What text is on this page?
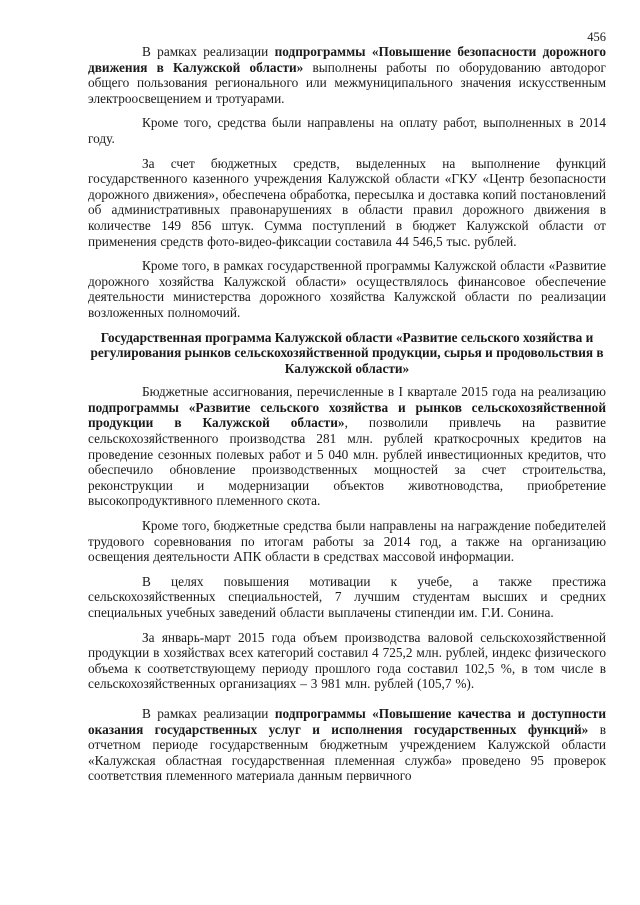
456

В рамках реализации подпрограммы «Повышение безопасности дорожного движения в Калужской области» выполнены работы по оборудованию автодорог общего пользования регионального или межмуниципального значения искусственным электроосвещением и тротуарами.

Кроме того, средства были направлены на оплату работ, выполненных в 2014 году.

За счет бюджетных средств, выделенных на выполнение функций государственного казенного учреждения Калужской области «ГКУ «Центр безопасности дорожного движения», обеспечена обработка, пересылка и доставка копий постановлений об административных правонарушениях в области правил дорожного движения в количестве 149 856 штук. Сумма поступлений в бюджет Калужской области от применения средств фото-видео-фиксации составила 44 546,5 тыс. рублей.

Кроме того, в рамках государственной программы Калужской области «Развитие дорожного хозяйства Калужской области» осуществлялось финансовое обеспечение деятельности министерства дорожного хозяйства Калужской области по реализации возложенных полномочий.

Государственная программа Калужской области «Развитие сельского хозяйства и регулирования рынков сельскохозяйственной продукции, сырья и продовольствия в Калужской области»

Бюджетные ассигнования, перечисленные в I квартале 2015 года на реализацию подпрограммы «Развитие сельского хозяйства и рынков сельскохозяйственной продукции в Калужской области», позволили привлечь на развитие сельскохозяйственного производства 281 млн. рублей краткосрочных кредитов на проведение сезонных полевых работ и 5 040 млн. рублей инвестиционных кредитов, что обеспечило обновление производственных мощностей за счет строительства, реконструкции и модернизации объектов животноводства, приобретение высокопродуктивного племенного скота.

Кроме того, бюджетные средства были направлены на награждение победителей трудового соревнования по итогам работы за 2014 год, а также на организацию освещения деятельности АПК области в средствах массовой информации.

В целях повышения мотивации к учебе, а также престижа сельскохозяйственных специальностей, 7 лучшим студентам высших и средних специальных учебных заведений области выплачены стипендии им. Г.И. Сонина.

За январь-март 2015 года объем производства валовой сельскохозяйственной продукции в хозяйствах всех категорий составил 4 725,2 млн. рублей, индекс физического объема к соответствующему периоду прошлого года составил 102,5 %, в том числе в сельскохозяйственных организациях – 3 981 млн. рублей (105,7 %).

В рамках реализации подпрограммы «Повышение качества и доступности оказания государственных услуг и исполнения государственных функций» в отчетном периоде государственным бюджетным учреждением Калужской области «Калужская областная государственная племенная служба» проведено 95 проверок соответствия племенного материала данным первичного
